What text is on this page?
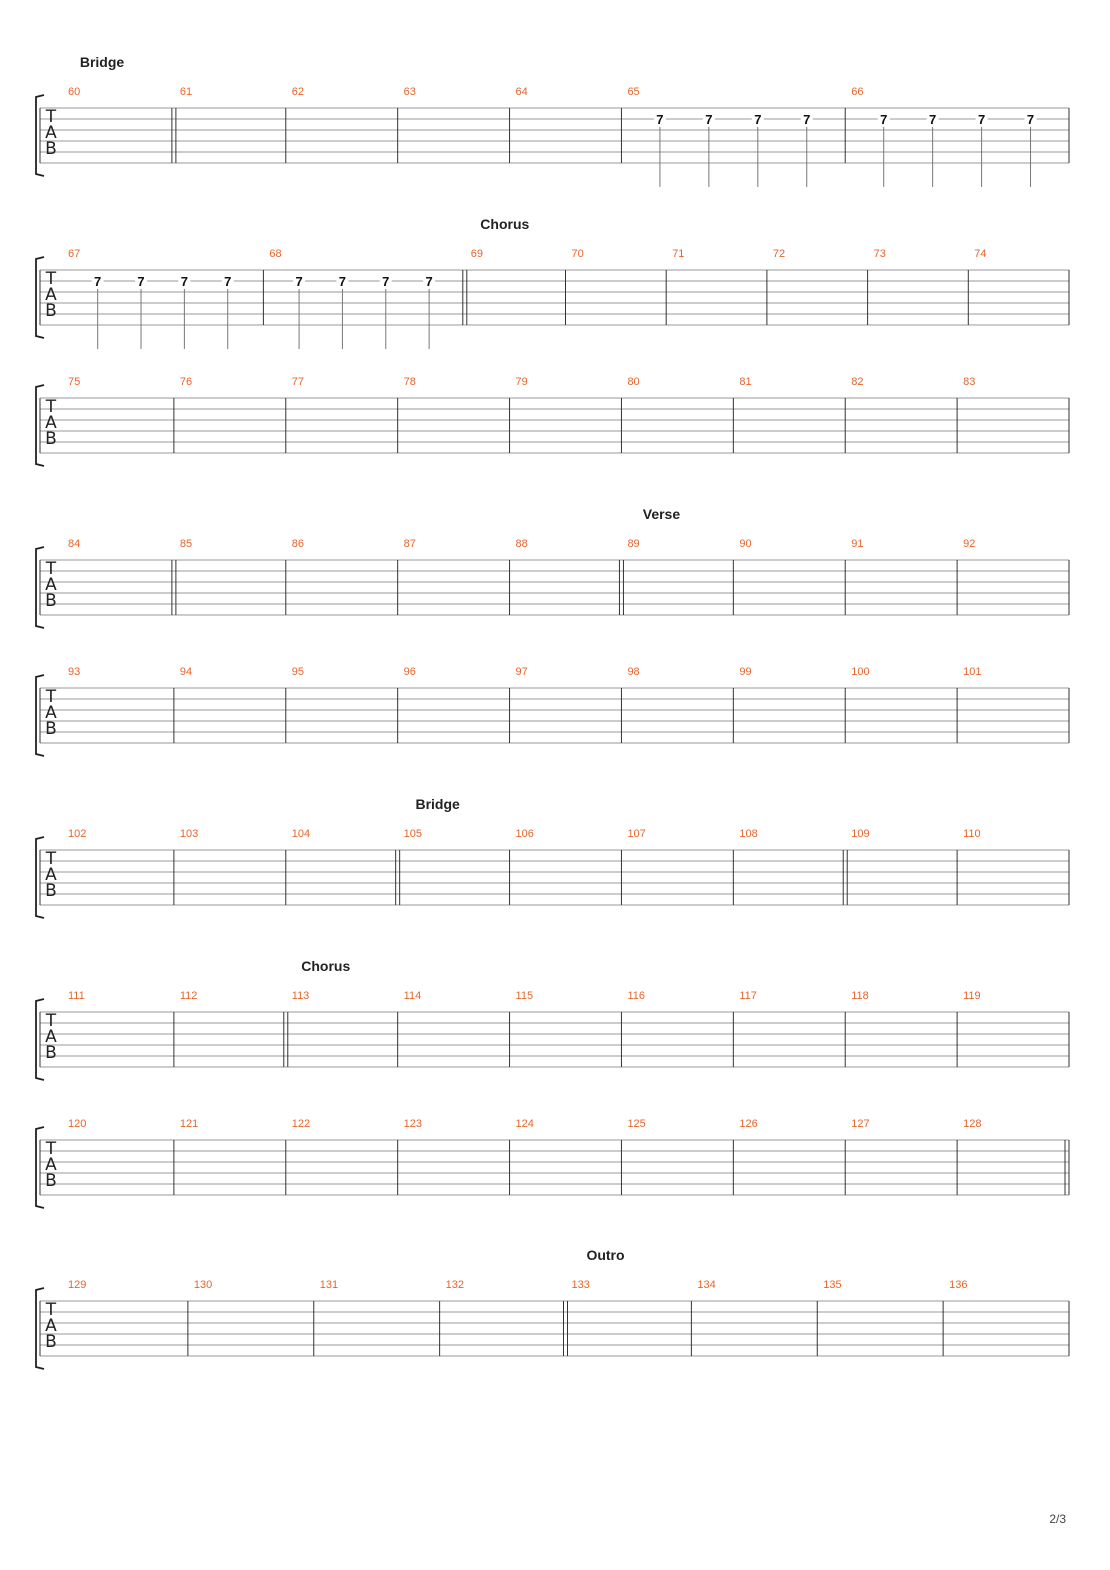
T
A
B
60	61	62	63	64	65
7	7	7	7
66
7	7	7	7
Bridge
T
A
B
67
7	7	7	7
68
7	7	7	7
69	70	71	72	73	74
Chorus
T
A
B
75	76	77	78	79	80	81	82	83
T
A
B
84	85	86	87	88	89	90	91	92
Verse
T
A
B
93	94	95	96	97	98	99	100	101
T
A
B
102	103	104	105	106	107	108	109	110
Bridge
T
A
B
111	112	113	114	115	116	117	118	119
Chorus
T
A
B
120	121	122	123	124	125	126	127	128
T
A
B
129	130	131	132	133	134	135	136
Outro
2/3
